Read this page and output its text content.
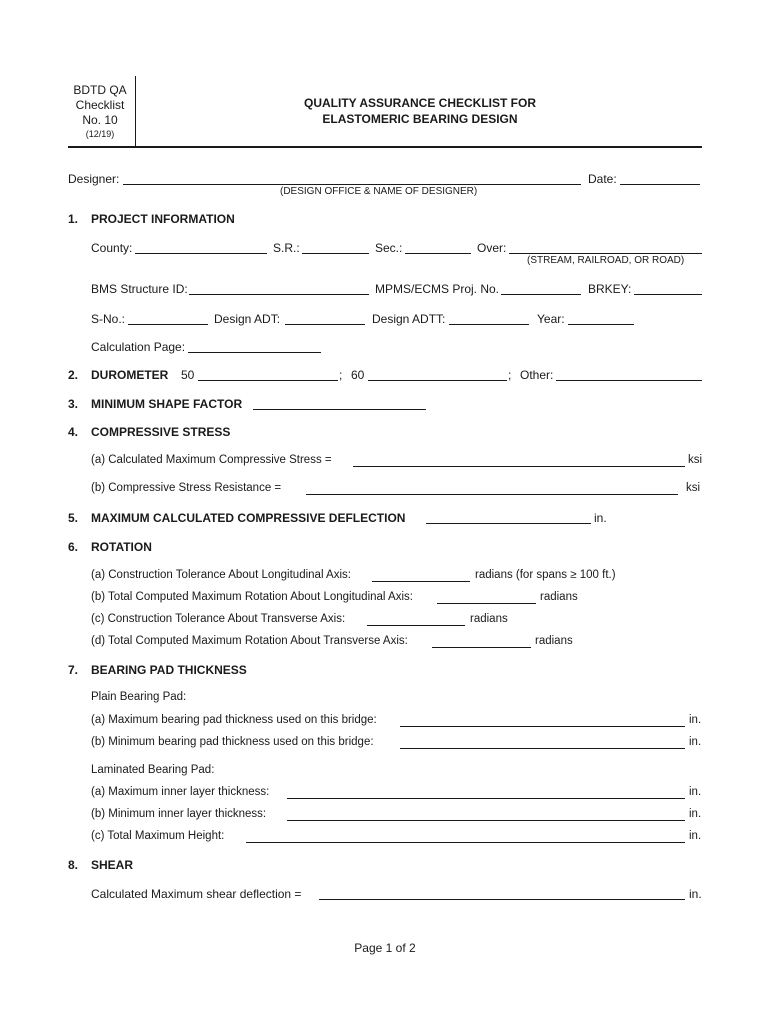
BDTD QA
Checklist
No. 10
(12/19)
QUALITY ASSURANCE CHECKLIST FOR
ELASTOMERIC BEARING DESIGN
Designer:
(DESIGN OFFICE & NAME OF DESIGNER)
Date:
1. PROJECT INFORMATION
County:	S.R.:	Sec.:	Over:
(STREAM, RAILROAD, OR ROAD)
BMS Structure ID:	MPMS/ECMS Proj. No.	BRKEY:
S-No.:	Design ADT:	Design ADTT:	Year:
Calculation Page:
2. DUROMETER 50	; 60	; Other:
3. MINIMUM SHAPE FACTOR
4. COMPRESSIVE STRESS
(a) Calculated Maximum Compressive Stress =	ksi
(b) Compressive Stress Resistance =	ksi
5. MAXIMUM CALCULATED COMPRESSIVE DEFLECTION	in.
6. ROTATION
(a) Construction Tolerance About Longitudinal Axis:	radians (for spans ≥ 100 ft.)
(b) Total Computed Maximum Rotation About Longitudinal Axis:	radians
(c) Construction Tolerance About Transverse Axis:	radians
(d) Total Computed Maximum Rotation About Transverse Axis:	radians
7. BEARING PAD THICKNESS
Plain Bearing Pad:
(a) Maximum bearing pad thickness used on this bridge:	in.
(b) Minimum bearing pad thickness used on this bridge:	in.
Laminated Bearing Pad:
(a) Maximum inner layer thickness:	in.
(b) Minimum inner layer thickness:	in.
(c) Total Maximum Height:	in.
8. SHEAR
Calculated Maximum shear deflection =	in.
Page 1 of 2
